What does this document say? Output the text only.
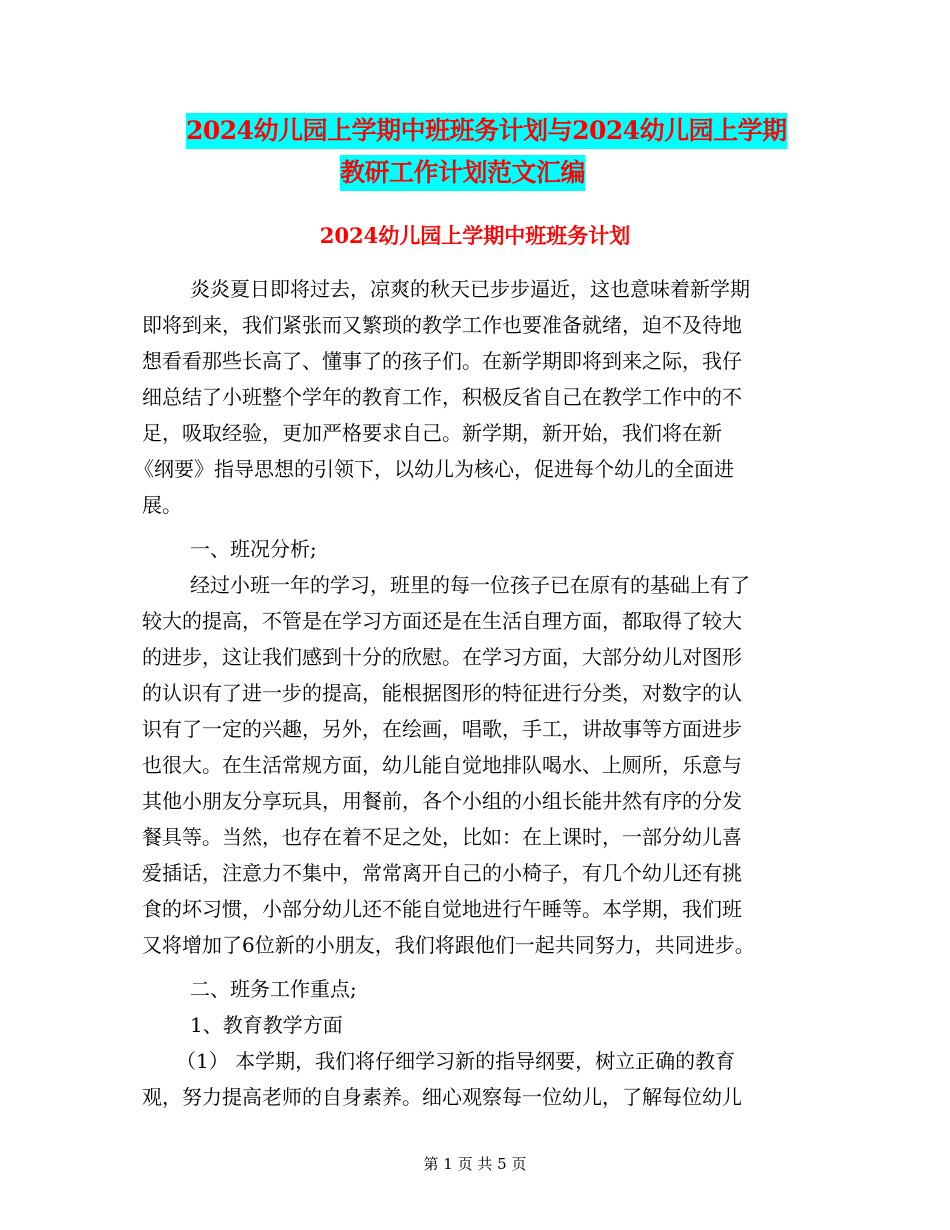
2024幼儿园上学期中班班务计划与2024幼儿园上学期
教研工作计划范文汇编
2024幼儿园上学期中班班务计划
炎炎夏日即将过去，凉爽的秋天已步步逼近，这也意味着新学期
即将到来，我们紧张而又繁琐的教学工作也要准备就绪，迫不及待地
想看看那些长高了、懂事了的孩子们。在新学期即将到来之际，我仔
细总结了小班整个学年的教育工作，积极反省自己在教学工作中的不
足，吸取经验，更加严格要求自己。新学期，新开始，我们将在新
《纲要》指导思想的引领下，以幼儿为核心，促进每个幼儿的全面进
展。
一、班况分析;
经过小班一年的学习，班里的每一位孩子已在原有的基础上有了
较大的提高，不管是在学习方面还是在生活自理方面，都取得了较大
的进步，这让我们感到十分的欣慰。在学习方面，大部分幼儿对图形
的认识有了进一步的提高，能根据图形的特征进行分类，对数字的认
识有了一定的兴趣，另外，在绘画，唱歌，手工，讲故事等方面进步
也很大。在生活常规方面，幼儿能自觉地排队喝水、上厕所，乐意与
其他小朋友分享玩具，用餐前，各个小组的小组长能井然有序的分发
餐具等。当然，也存在着不足之处，比如：在上课时，一部分幼儿喜
爱插话，注意力不集中，常常离开自己的小椅子，有几个幼儿还有挑
食的坏习惯，小部分幼儿还不能自觉地进行午睡等。本学期，我们班
又将增加了6位新的小朋友，我们将跟他们一起共同努力，共同进步。
二、班务工作重点;
1、教育教学方面
（1） 本学期，我们将仔细学习新的指导纲要，树立正确的教育
观，努力提高老师的自身素养。细心观察每一位幼儿，了解每位幼儿
第 1 页 共 5 页
